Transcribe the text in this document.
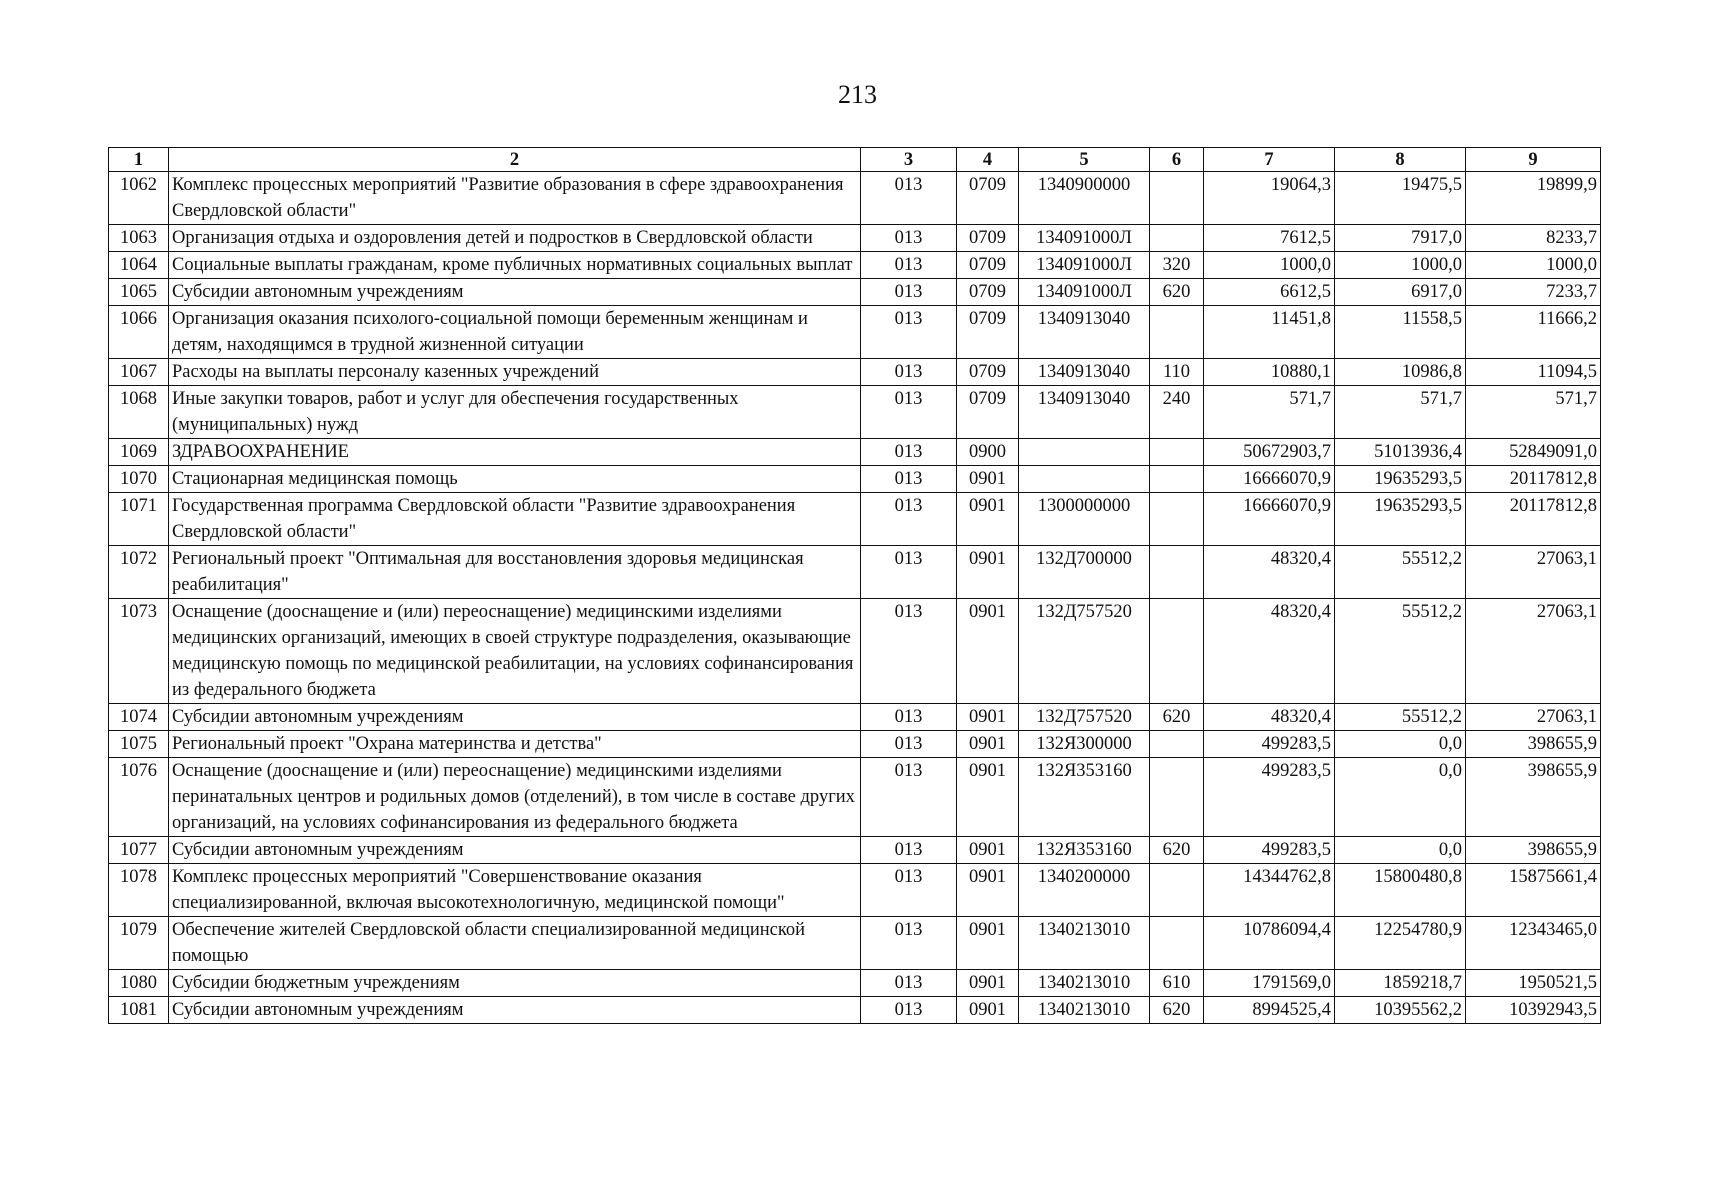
213
1	2	3	4	5	6	7	8	9
1062	Комплекс процессных мероприятий "Развитие образования в сфере здравоохранения Свердловской области"	013	0709	1340900000		19064,3	19475,5	19899,9
1063	Организация отдыха и оздоровления детей и подростков в Свердловской области	013	0709	134091000Л		7612,5	7917,0	8233,7
1064	Социальные выплаты гражданам, кроме публичных нормативных социальных выплат	013	0709	134091000Л	320	1000,0	1000,0	1000,0
1065	Субсидии автономным учреждениям	013	0709	134091000Л	620	6612,5	6917,0	7233,7
1066	Организация оказания психолого-социальной помощи беременным женщинам и детям, находящимся в трудной жизненной ситуации	013	0709	1340913040		11451,8	11558,5	11666,2
1067	Расходы на выплаты персоналу казенных учреждений	013	0709	1340913040	110	10880,1	10986,8	11094,5
1068	Иные закупки товаров, работ и услуг для обеспечения государственных (муниципальных) нужд	013	0709	1340913040	240	571,7	571,7	571,7
1069	ЗДРАВООХРАНЕНИЕ	013	0900			50672903,7	51013936,4	52849091,0
1070	Стационарная медицинская помощь	013	0901			16666070,9	19635293,5	20117812,8
1071	Государственная программа Свердловской области "Развитие здравоохранения Свердловской области"	013	0901	1300000000		16666070,9	19635293,5	20117812,8
1072	Региональный проект "Оптимальная для восстановления здоровья медицинская реабилитация"	013	0901	132Д700000		48320,4	55512,2	27063,1
1073	Оснащение (дооснащение и (или) переоснащение) медицинскими изделиями медицинских организаций, имеющих в своей структуре подразделения, оказывающие медицинскую помощь по медицинской реабилитации, на условиях софинансирования из федерального бюджета	013	0901	132Д757520		48320,4	55512,2	27063,1
1074	Субсидии автономным учреждениям	013	0901	132Д757520	620	48320,4	55512,2	27063,1
1075	Региональный проект "Охрана материнства и детства"	013	0901	132Я300000		499283,5	0,0	398655,9
1076	Оснащение (дооснащение и (или) переоснащение) медицинскими изделиями перинатальных центров и родильных домов (отделений), в том числе в составе других организаций, на условиях софинансирования из федерального бюджета	013	0901	132Я353160		499283,5	0,0	398655,9
1077	Субсидии автономным учреждениям	013	0901	132Я353160	620	499283,5	0,0	398655,9
1078	Комплекс процессных мероприятий "Совершенствование оказания специализированной, включая высокотехнологичную, медицинской помощи"	013	0901	1340200000		14344762,8	15800480,8	15875661,4
1079	Обеспечение жителей Свердловской области специализированной медицинской помощью	013	0901	1340213010		10786094,4	12254780,9	12343465,0
1080	Субсидии бюджетным учреждениям	013	0901	1340213010	610	1791569,0	1859218,7	1950521,5
1081	Субсидии автономным учреждениям	013	0901	1340213010	620	8994525,4	10395562,2	10392943,5
